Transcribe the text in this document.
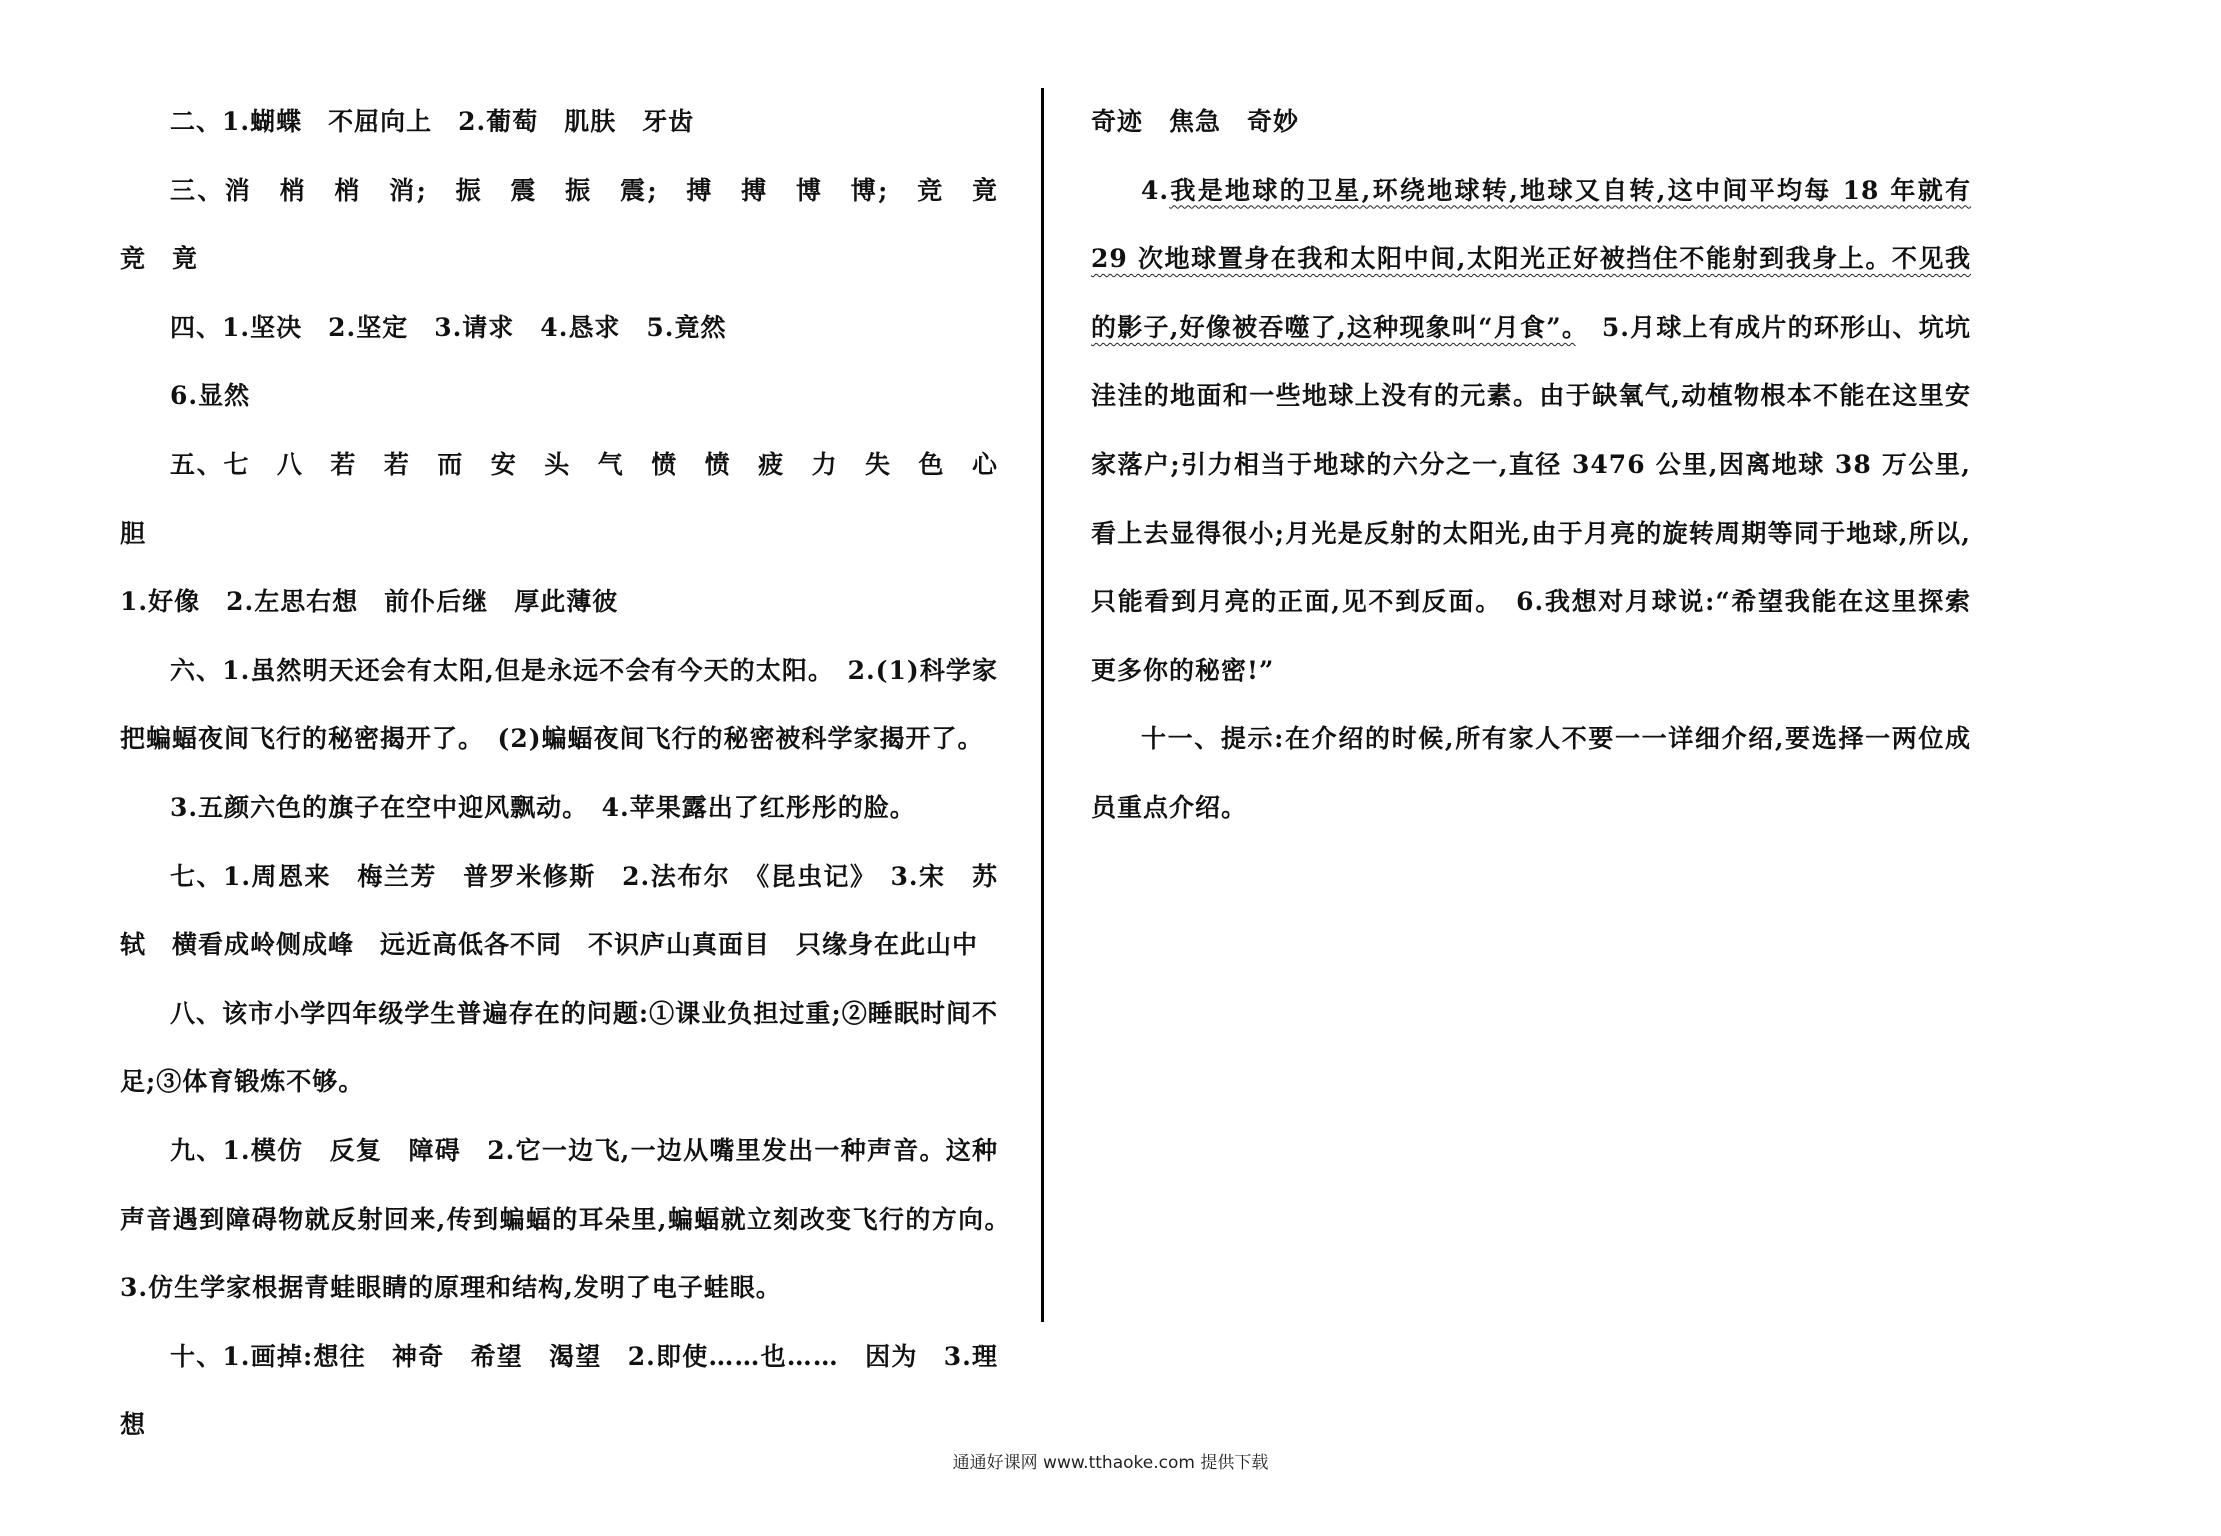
二、1.蝴蝶　不屈向上　2.葡萄　肌肤　牙齿

三、消　梢　梢　消;　振　震　振　震;　搏　搏　博　博;　竞　竟　竞　竟

四、1.坚决　2.坚定　3.请求　4.恳求　5.竟然

6.显然

五、七　八　若　若　而　安　头　气　愤　愤　疲　力　失　色　心　胆

1.好像　2.左思右想　前仆后继　厚此薄彼

六、1.虽然明天还会有太阳,但是永远不会有今天的太阳。　2.(1)科学家把蝙蝠夜间飞行的秘密揭开了。　(2)蝙蝠夜间飞行的秘密被科学家揭开了。

3.五颜六色的旗子在空中迎风飘动。　4.苹果露出了红彤彤的脸。

七、1.周恩来　梅兰芳　普罗米修斯　2.法布尔　《昆虫记》　3.宋　苏轼　横看成岭侧成峰　远近高低各不同　不识庐山真面目　只缘身在此山中

八、该市小学四年级学生普遍存在的问题:①课业负担过重;②睡眠时间不足;③体育锻炼不够。

九、1.模仿　反复　障碍　2.它一边飞,一边从嘴里发出一种声音。这种声音遇到障碍物就反射回来,传到蝙蝠的耳朵里,蝙蝠就立刻改变飞行的方向。　3.仿生学家根据青蛙眼睛的原理和结构,发明了电子蛙眼。

十、1.画掉:想往　神奇　希望　渴望　2.即使……也……　因为　3.理想

奇迹　焦急　奇妙

4.我是地球的卫星,环绕地球转,地球又自转,这中间平均每 18 年就有 29 次地球置身在我和太阳中间,太阳光正好被挡住不能射到我身上。不见我的影子,好像被吞噬了,这种现象叫“月食”。　5.月球上有成片的环形山、坑坑洼洼的地面和一些地球上没有的元素。由于缺氧气,动植物根本不能在这里安家落户;引力相当于地球的六分之一,直径 3476 公里,因离地球 38 万公里,看上去显得很小;月光是反射的太阳光,由于月亮的旋转周期等同于地球,所以,只能看到月亮的正面,见不到反面。　6.我想对月球说:“希望我能在这里探索更多你的秘密!”

十一、提示:在介绍的时候,所有家人不要一一详细介绍,要选择一两位成员重点介绍。

通通好课网 www.tthaoke.com 提供下载
